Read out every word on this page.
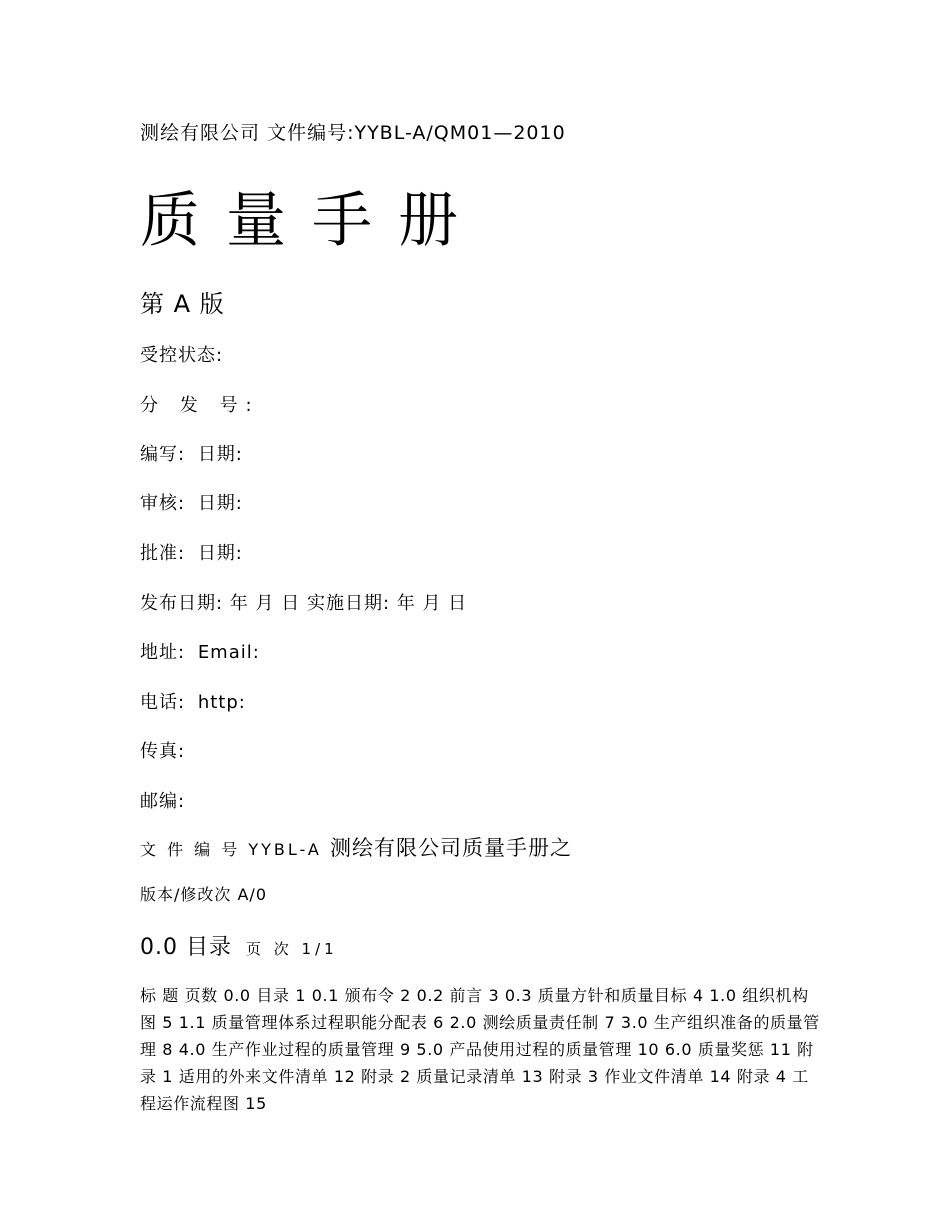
测绘有限公司 文件编号:YYBL-A/QM01—2010
质量手册
第 A 版
受控状态:
分 发 号:
编写: 日期:
审核: 日期:
批准: 日期:
发布日期: 年 月 日 实施日期: 年 月 日
地址: Email:
电话: http:
传真:
邮编:
文 件 编 号 YYBL-A 测绘有限公司质量手册之
版本/修改次 A/0
0.0 目录 页 次 1/1
标 题 页数 0.0 目录 1 0.1 颁布令 2 0.2 前言 3 0.3 质量方针和质量目标 4 1.0 组织机构图 5 1.1 质量管理体系过程职能分配表 6 2.0 测绘质量责任制 7 3.0 生产组织准备的质量管理 8 4.0 生产作业过程的质量管理 9 5.0 产品使用过程的质量管理 10 6.0 质量奖惩 11 附录 1 适用的外来文件清单 12 附录 2 质量记录清单 13 附录 3 作业文件清单 14 附录 4 工程运作流程图 15
